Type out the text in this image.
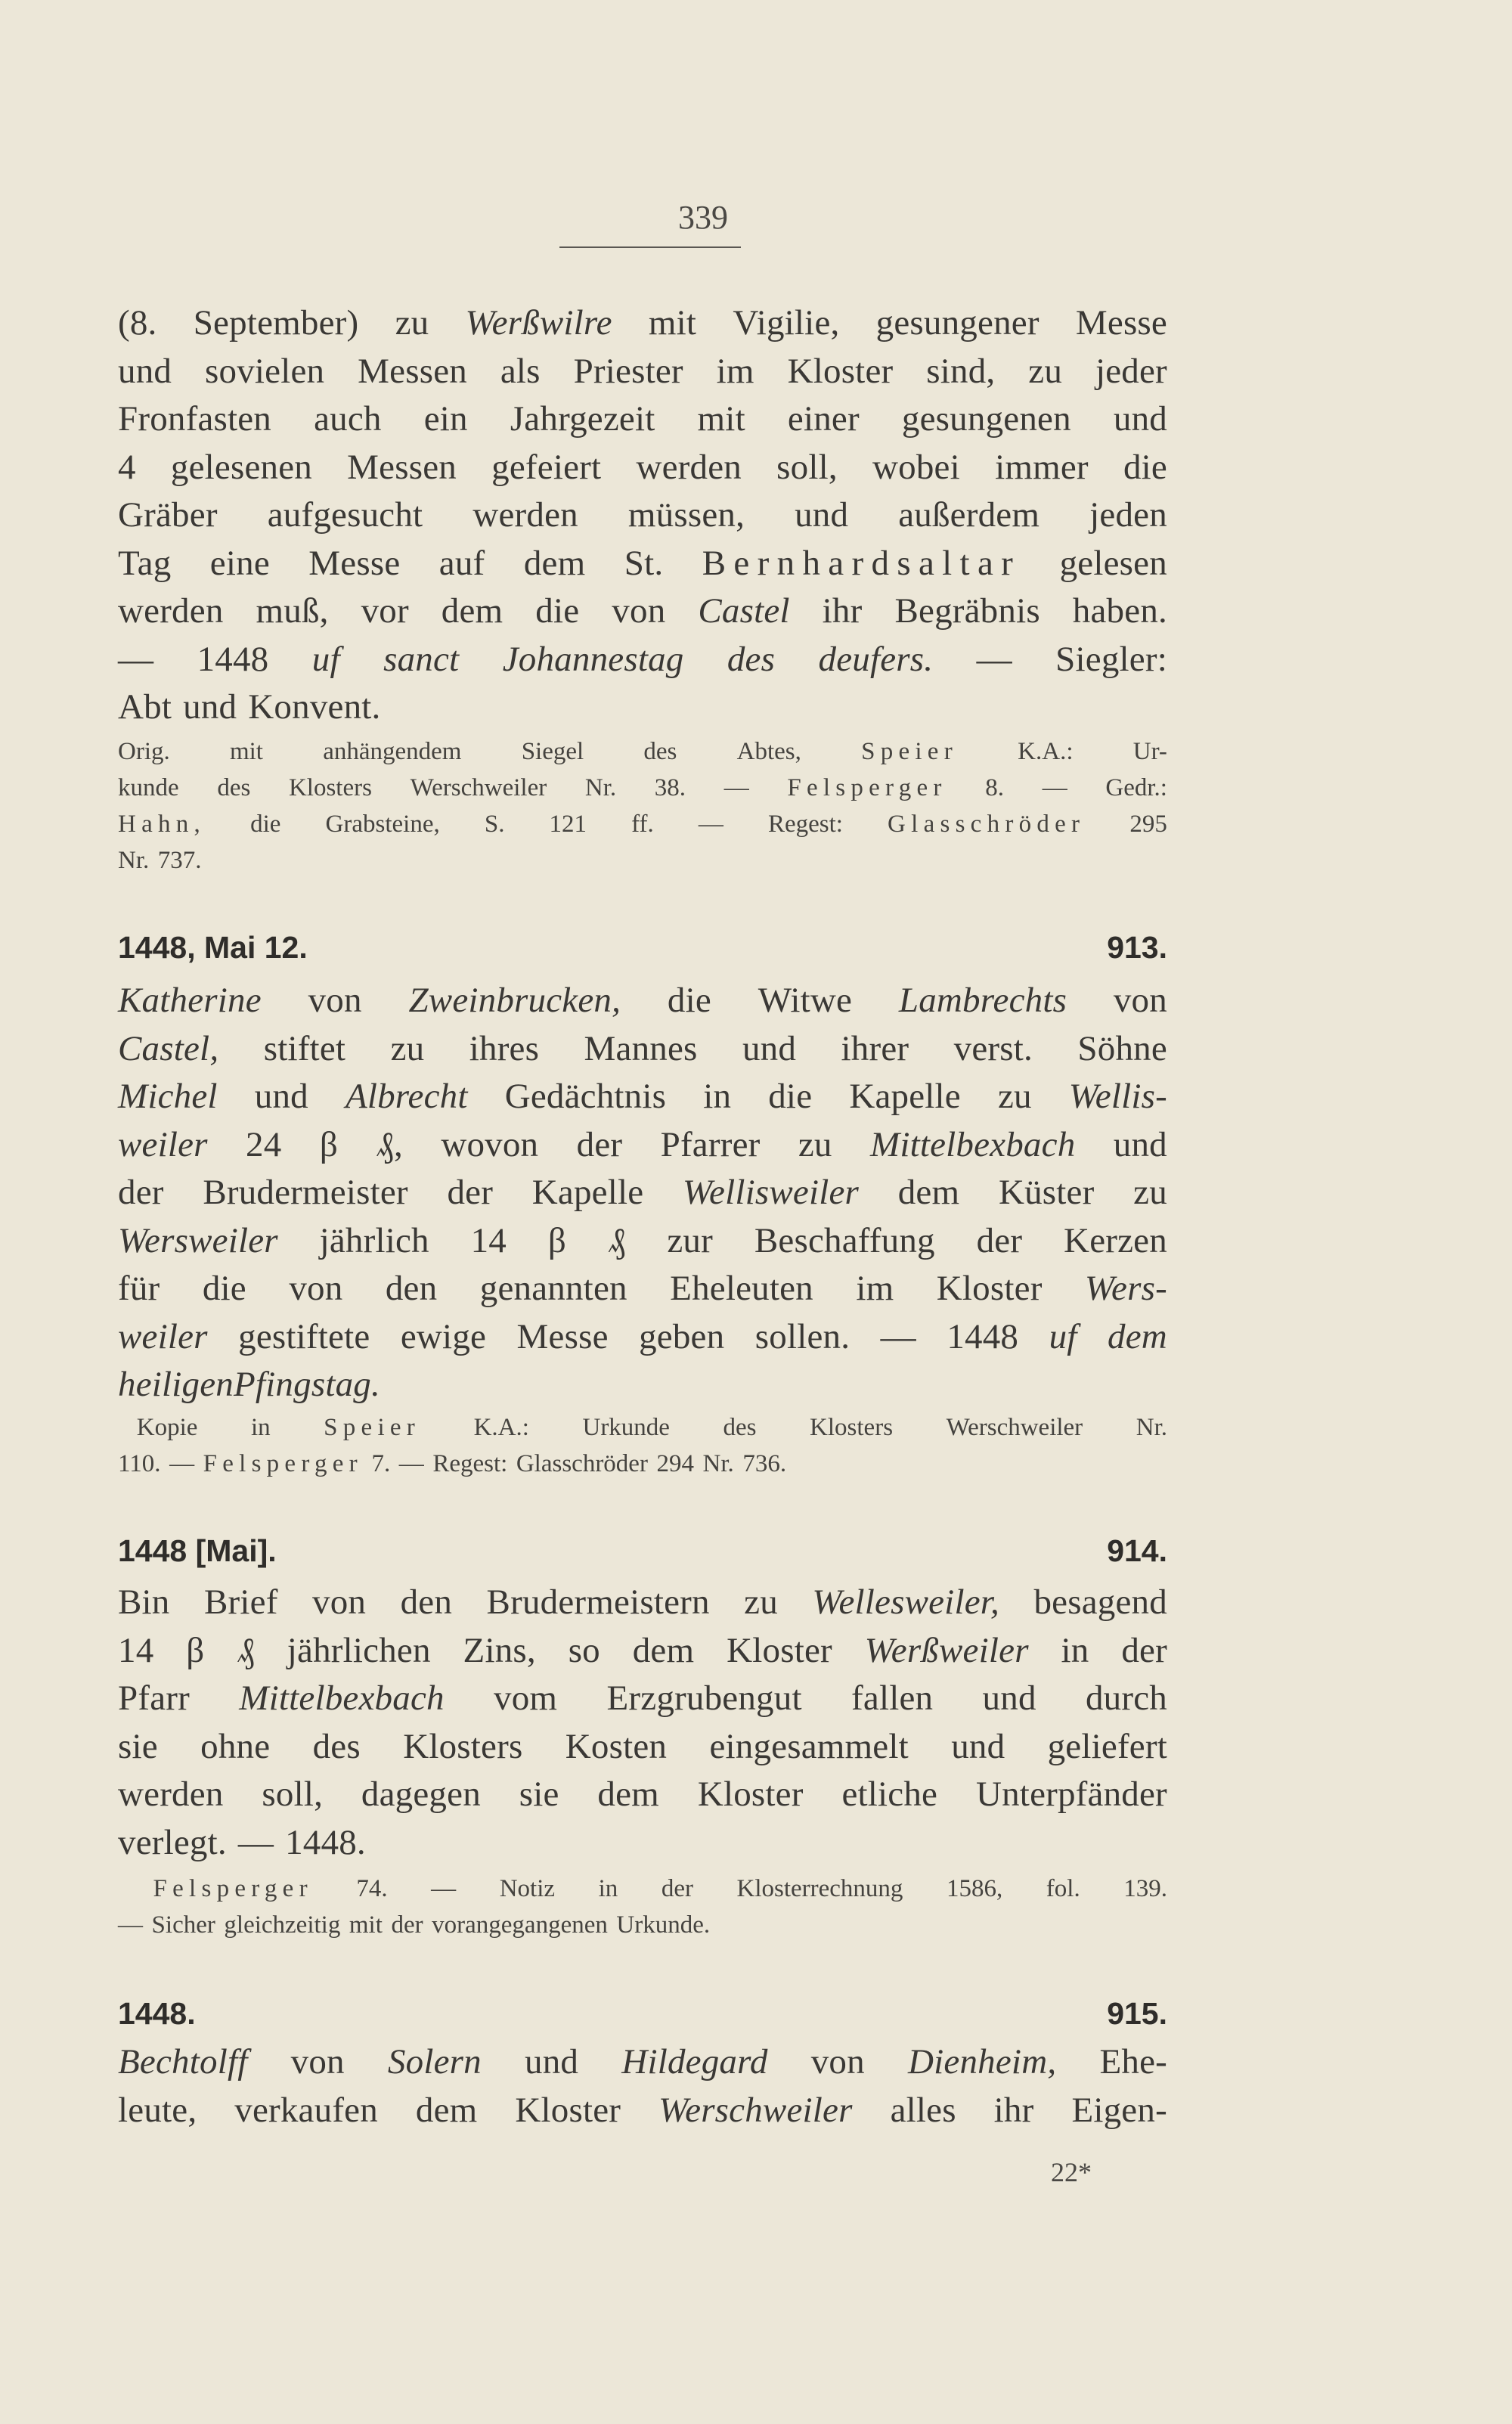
339
(8. September) zu Werßwilre mit Vigilie, gesungener Messe
und sovielen Messen als Priester im Kloster sind, zu jeder
Fronfasten auch ein Jahrgezeit mit einer gesungenen und
4 gelesenen Messen gefeiert werden soll, wobei immer die
Gräber aufgesucht werden müssen, und außerdem jeden
Tag eine Messe auf dem St. Bernhardsaltar gelesen
werden muß, vor dem die von Castel ihr Begräbnis haben.
— 1448 uf sanct Johannestag des deufers. — Siegler:
Abt und Konvent.
Orig. mit anhängendem Siegel des Abtes, Speier K.A.: Ur-
kunde des Klosters Werschweiler Nr. 38. — Felsperger 8. — Gedr.:
Hahn, die Grabsteine, S. 121 ff. — Regest: Glasschröder 295
Nr. 737.
1448, Mai 12.	913.
Katherine von Zweinbrucken, die Witwe Lambrechts von
Castel, stiftet zu ihres Mannes und ihrer verst. Söhne
Michel und Albrecht Gedächtnis in die Kapelle zu Wellis-
weiler 24 β ₰, wovon der Pfarrer zu Mittelbexbach und
der Brudermeister der Kapelle Wellisweiler dem Küster zu
Wersweiler jährlich 14 β ₰ zur Beschaffung der Kerzen
für die von den genannten Eheleuten im Kloster Wers-
weiler gestiftete ewige Messe geben sollen. — 1448 uf dem
heiligen Pfingstag.
Kopie in Speier K.A.: Urkunde des Klosters Werschweiler Nr.
110. — Felsperger 7. — Regest: Glasschröder 294 Nr. 736.
1448 [Mai].	914.
Bin Brief von den Brudermeistern zu Wellesweiler, besagend
14 β ₰ jährlichen Zins, so dem Kloster Werßweiler in der
Pfarr Mittelbexbach vom Erzgrubengut fallen und durch
sie ohne des Klosters Kosten eingesammelt und geliefert
werden soll, dagegen sie dem Kloster etliche Unterpfänder
verlegt. — 1448.
Felsperger 74. — Notiz in der Klosterrechnung 1586, fol. 139.
— Sicher gleichzeitig mit der vorangegangenen Urkunde.
1448.	915.
Bechtolff von Solern und Hildegard von Dienheim, Ehe-
leute, verkaufen dem Kloster Werschweiler alles ihr Eigen-
22*
